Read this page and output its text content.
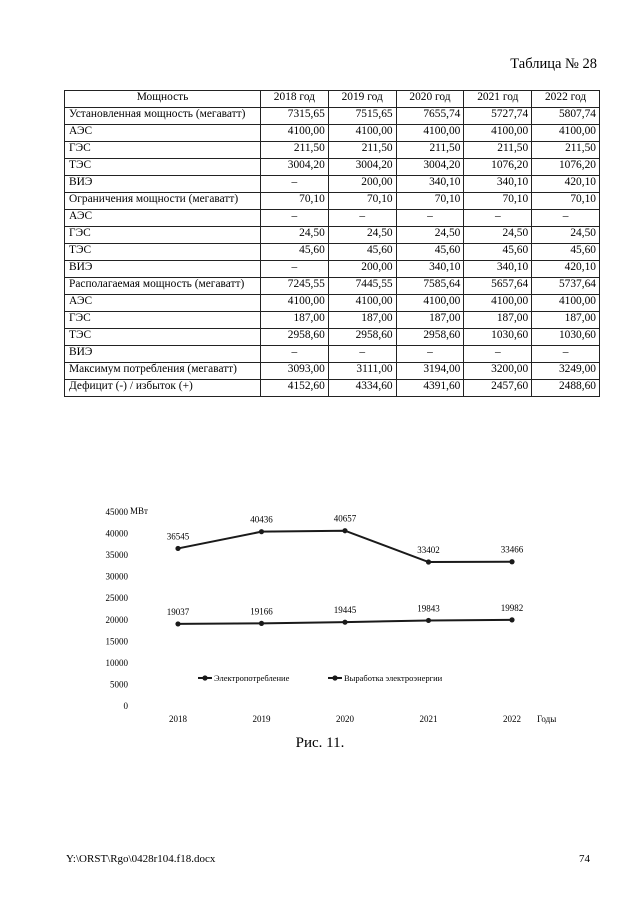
Таблица № 28
Мощность	2018 год	2019 год	2020 год	2021 год	2022 год
Установленная мощность (мегаватт)	7315,65	7515,65	7655,74	5727,74	5807,74
АЭС	4100,00	4100,00	4100,00	4100,00	4100,00
ГЭС	211,50	211,50	211,50	211,50	211,50
ТЭС	3004,20	3004,20	3004,20	1076,20	1076,20
ВИЭ	–	200,00	340,10	340,10	420,10
Ограничения мощности (мегаватт)	70,10	70,10	70,10	70,10	70,10
АЭС	–	–	–	–	–
ГЭС	24,50	24,50	24,50	24,50	24,50
ТЭС	45,60	45,60	45,60	45,60	45,60
ВИЭ	–	200,00	340,10	340,10	420,10
Располагаемая мощность (мегаватт)	7245,55	7445,55	7585,64	5657,64	5737,64
АЭС	4100,00	4100,00	4100,00	4100,00	4100,00
ГЭС	187,00	187,00	187,00	187,00	187,00
ТЭС	2958,60	2958,60	2958,60	1030,60	1030,60
ВИЭ	–	–	–	–	–
Максимум потребления (мегаватт)	3093,00	3111,00	3194,00	3200,00	3249,00
Дефицит (-) / избыток (+)	4152,60	4334,60	4391,60	2457,60	2488,60
0
5000
10000
15000
20000
25000
30000
35000
40000
45000
2018	2019	2020	2021	2022
19037	19166	19445	19843	19982
36545
40436	40657
33402	33466
Электропотребление	Выработка электроэнергии
МВт
Годы
Рис. 11.
Y:\ORST\Rgo\0428r104.f18.docx	74
